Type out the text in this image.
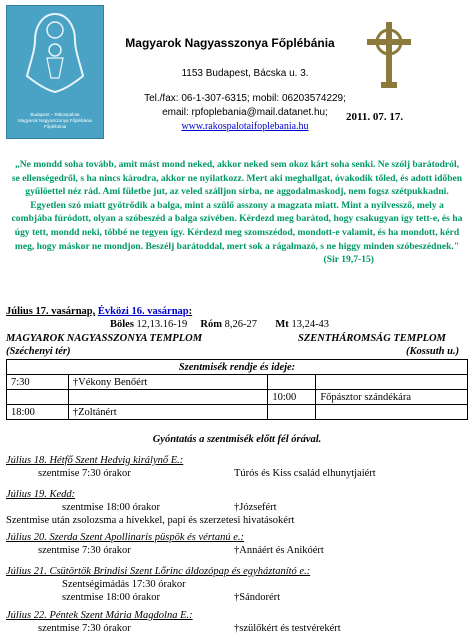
Budapest – Rákospalota
Magyarok Nagyasszonya Főplébánia
Főplébánia
Magyarok Nagyasszonya Főplébánia
1153 Budapest, Bácska u. 3.
Tel./fax: 06-1-307-6315; mobil: 06203574229;
email: rpfoplebania@mail.datanet.hu;
www.rakospalotaifoplebania.hu
2011. 07. 17.
„Ne mondd soha tovább, amit mást mond neked, akkor neked sem okoz kárt soha senki. Ne szólj barátodról, se ellenségedről, s ha nincs károdra, akkor ne nyilatkozz. Mert aki meghallgat, óvakodik tőled, és adott időben gyűlöettel néz rád. Ami fületbe jut, az veled szálljon sírba, ne aggodalmaskodj, nem fogsz szétpukkadni. Egyetlen szó miatt gyötrődik a balga, mint a szülő asszony a magzata miatt. Mint a nyílvessző, mely a combjába fúródott, olyan a szóbeszéd a balga szívében. Kérdezd meg barátod, hogy csakugyan így tett-e, és ha úgy tett, mondd neki, többé ne tegyen így. Kérdezd meg szomszédod, mondott-e valamit, és ha mondott, kérd meg, hogy máskor ne mondjon. Beszélj barátoddal, mert sok a rágalmazó, s ne higgy minden szóbeszédnek."
(Sir 19,7-15)
Július 17. vasárnap, Évközi 16. vasárnap:
Böles 12,13.16-19 Róm 8,26-27 Mt 13,24-43
MAGYAROK NAGYASSZONYA TEMPLOM	SZENTHÁROMSÁG TEMPLOM
(Széchenyi tér)	(Kossuth u.)
Szentmisék rendje és ideje:			
7:30	†Vékony Benőért		
		10:00	Főpásztor szándékára
18:00	†Zoltánért		
Gyóntatás a szentmisék előtt fél órával.
Július 18. Hétfő Szent Hedvig királynő E.:
szentmise 7:30 órakor	Túrós és Kiss család elhunytjaiért
Július 19. Kedd:
szentmise 18:00 órakor	†Józsefért
Szentmise után zsolozsma a hívekkel, papi és szerzetesi hivatásokért
Július 20. Szerda Szent Apollinaris püspök és vértanú e.:
szentmise 7:30 órakor	†Annáért és Anikóért
Július 21. Csütörtök Brindisi Szent Lőrinc áldozópap és egyháztanító e.:
Szentségimádás 17:30 órakor
szentmise 18:00 órakor	†Sándorért
Július 22. Péntek Szent Mária Magdolna E.:
szentmise 7:30 órakor	†szülőkért és testvérekért
